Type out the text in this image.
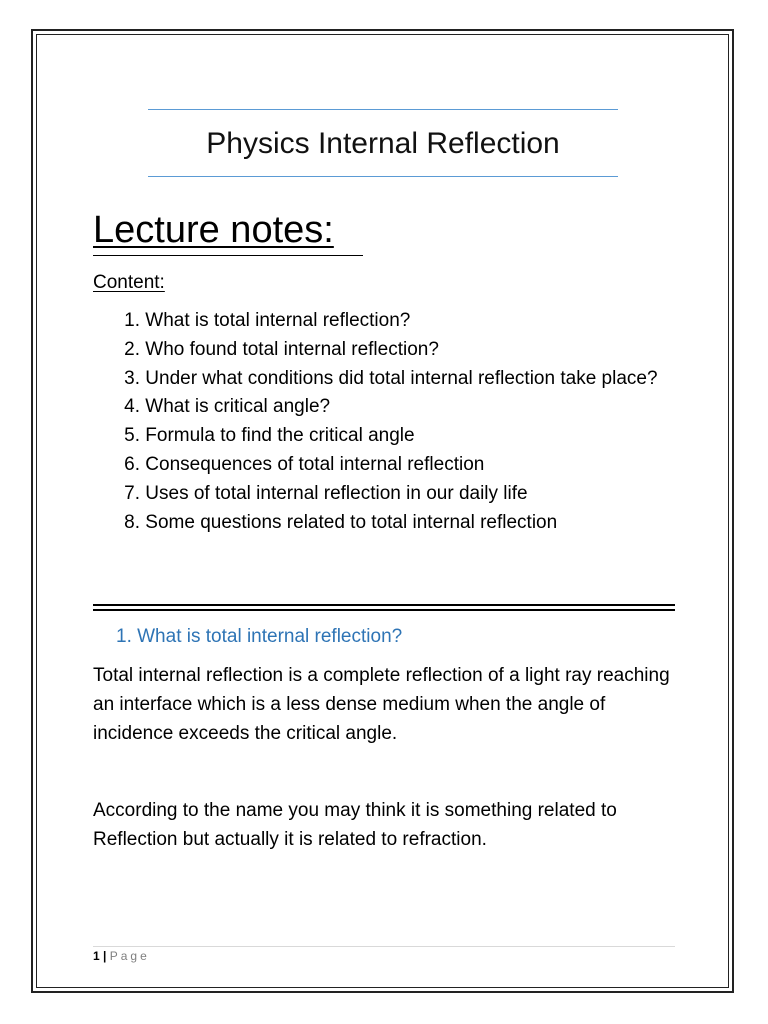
Physics Internal Reflection
Lecture notes:
Content:
1.
What is total internal reflection?
2.
Who found total internal reflection?
3.
Under what conditions did total internal reflection take place?
4.
What is critical angle?
5.
Formula to find the critical angle
6.
Consequences of total internal reflection
7.
Uses of total internal reflection in our daily life
8.
Some questions related to total internal reflection
1. What is total internal reflection?

Total internal reflection is a complete reflection of a light ray reaching an interface which is a less dense medium when the angle of incidence exceeds the critical angle.

According to the name you may think it is something related to Reflection but actually it is related to refraction.

1 | Page
